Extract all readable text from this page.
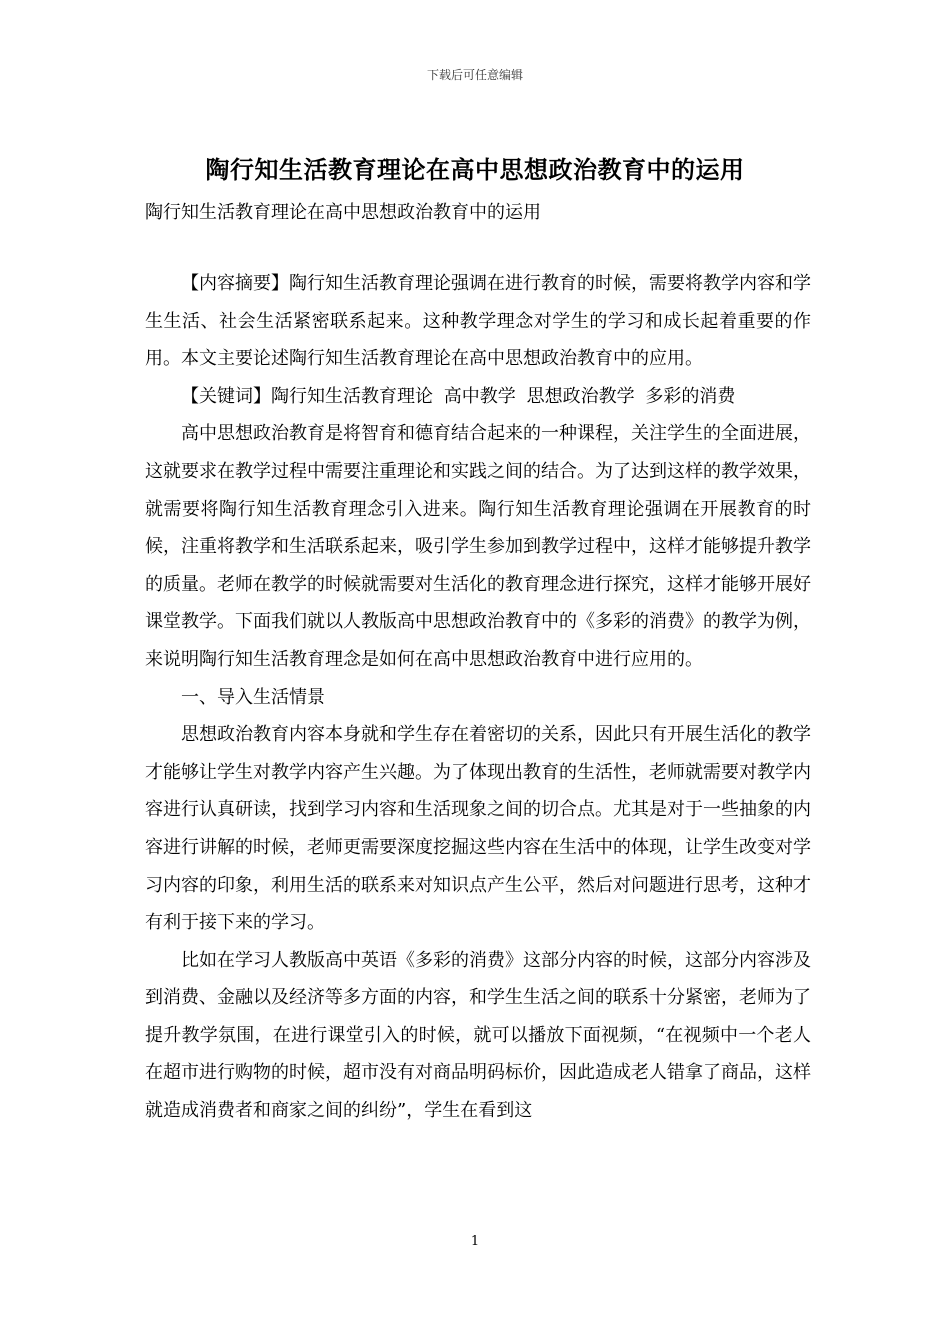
下载后可任意编辑
陶行知生活教育理论在高中思想政治教育中的运用

陶行知生活教育理论在高中思想政治教育中的运用

【内容摘要】陶行知生活教育理论强调在进行教育的时候，需要将教学内容和学生生活、社会生活紧密联系起来。这种教学理念对学生的学习和成长起着重要的作用。本文主要论述陶行知生活教育理论在高中思想政治教育中的应用。

【关键词】陶行知生活教育理论 高中教学 思想政治教学 多彩的消费

高中思想政治教育是将智育和德育结合起来的一种课程，关注学生的全面进展，这就要求在教学过程中需要注重理论和实践之间的结合。为了达到这样的教学效果，就需要将陶行知生活教育理念引入进来。陶行知生活教育理论强调在开展教育的时候，注重将教学和生活联系起来，吸引学生参加到教学过程中，这样才能够提升教学的质量。老师在教学的时候就需要对生活化的教育理念进行探究，这样才能够开展好课堂教学。下面我们就以人教版高中思想政治教育中的《多彩的消费》的教学为例，来说明陶行知生活教育理念是如何在高中思想政治教育中进行应用的。

一、导入生活情景

思想政治教育内容本身就和学生存在着密切的关系，因此只有开展生活化的教学才能够让学生对教学内容产生兴趣。为了体现出教育的生活性，老师就需要对教学内容进行认真研读，找到学习内容和生活现象之间的切合点。尤其是对于一些抽象的内容进行讲解的时候，老师更需要深度挖掘这些内容在生活中的体现，让学生改变对学习内容的印象，利用生活的联系来对知识点产生公平，然后对问题进行思考，这种才有利于接下来的学习。

比如在学习人教版高中英语《多彩的消费》这部分内容的时候，这部分内容涉及到消费、金融以及经济等多方面的内容，和学生生活之间的联系十分紧密，老师为了提升教学氛围，在进行课堂引入的时候，就可以播放下面视频，“在视频中一个老人在超市进行购物的时候，超市没有对商品明码标价，因此造成老人错拿了商品，这样就造成消费者和商家之间的纠纷”，学生在看到这

1
